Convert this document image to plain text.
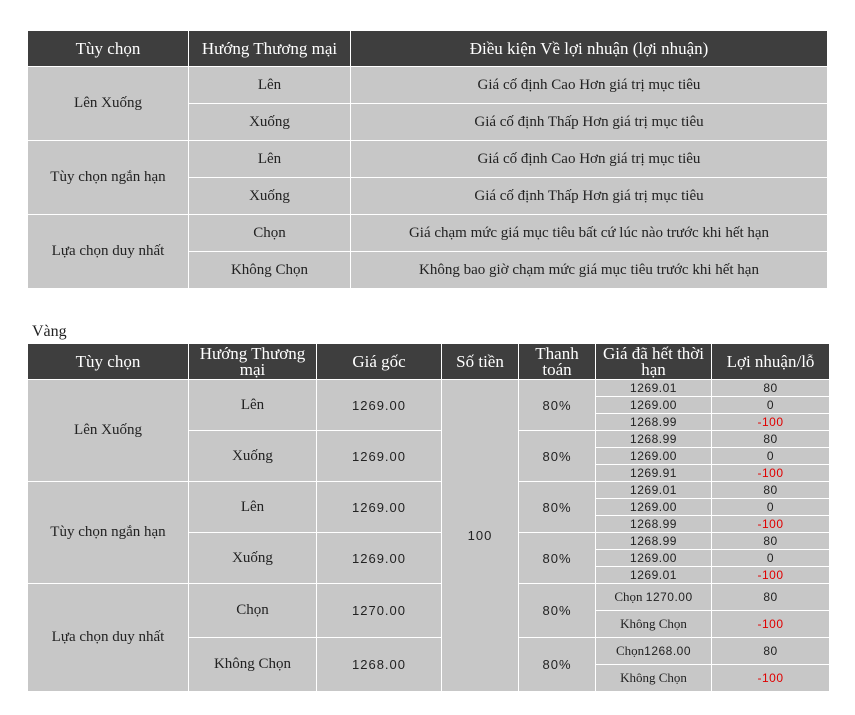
Tùy chọn	Hướng Thương mại	Điều kiện Về lợi nhuận (lợi nhuận)
Lên Xuống	Lên	Giá cố định Cao Hơn giá trị mục tiêu
	Xuống	Giá cố định Thấp Hơn giá trị mục tiêu
Tùy chọn ngắn hạn	Lên	Giá cố định Cao Hơn giá trị mục tiêu
	Xuống	Giá cố định Thấp Hơn giá trị mục tiêu
Lựa chọn duy nhất	Chọn	Giá chạm mức giá mục tiêu bất cứ lúc nào trước khi hết hạn
	Không Chọn	Không bao giờ chạm mức giá mục tiêu trước khi hết hạn
Vàng
Tùy chọn	Hướng Thương mại	Giá gốc	Số tiền	Thanh toán	Giá đã hết thời hạn	Lợi nhuận/lỗ
Lên Xuống	Lên	1269.00	100	80%	1269.01	80
					1269.00	0
					1268.99	-100
	Xuống	1269.00		80%	1268.99	80
					1269.00	0
					1269.91	-100
Tùy chọn ngắn hạn	Lên	1269.00		80%	1269.01	80
					1269.00	0
					1268.99	-100
	Xuống	1269.00		80%	1268.99	80
					1269.00	0
					1269.01	-100
Lựa chọn duy nhất	Chọn	1270.00		80%	Chọn 1270.00	80
					Không Chọn	-100
	Không Chọn	1268.00		80%	Chọn1268.00	80
					Không Chọn	-100
